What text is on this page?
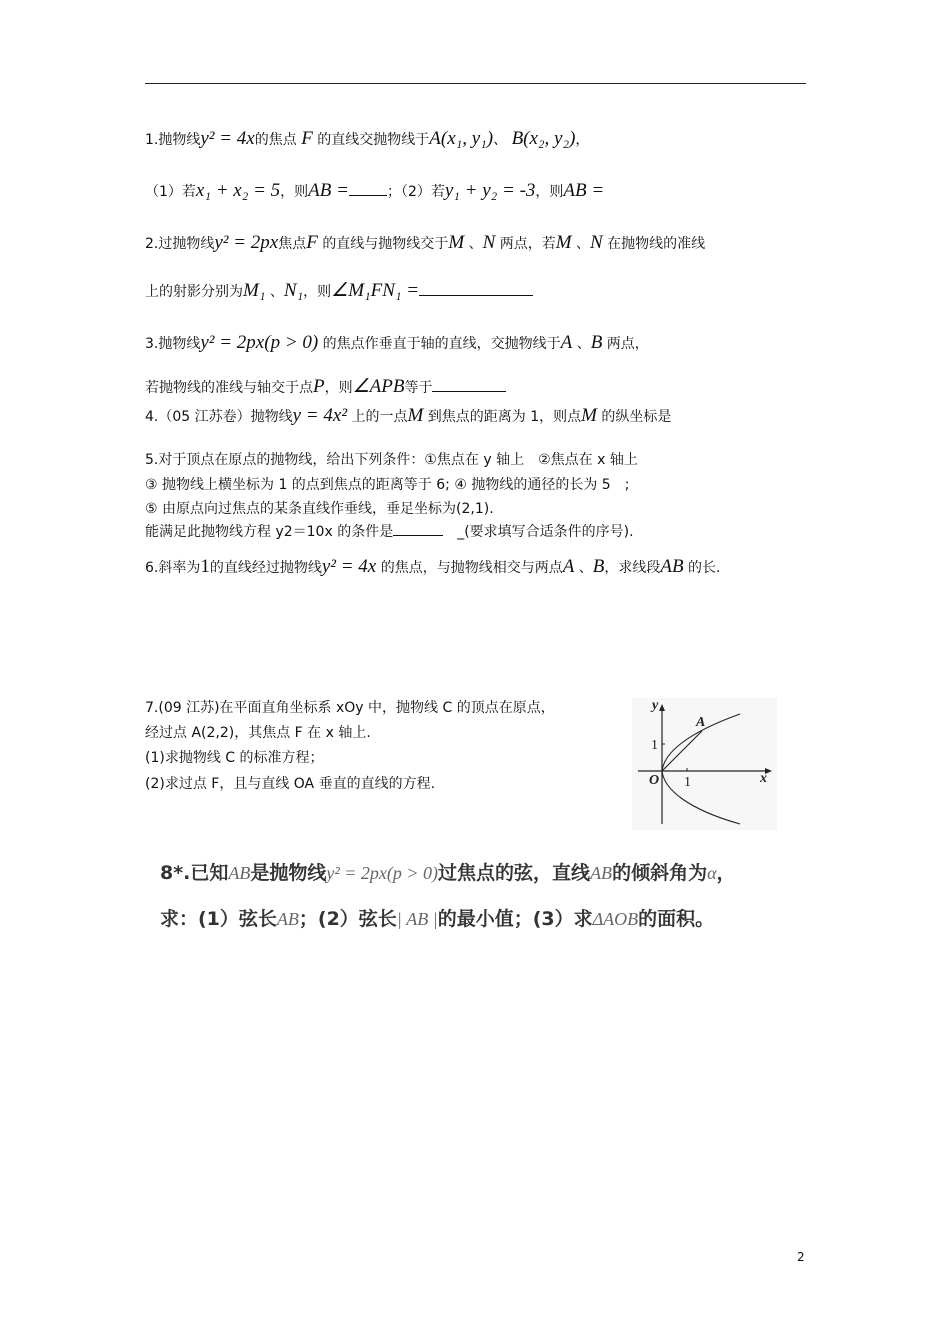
1.抛物线y² = 4x的焦点 F 的直线交抛物线于A(x₁, y₁)、 B(x₂, y₂)，
（1）若x₁ + x₂ = 5，则AB =	；（2）若y₁ + y₂ = -3，则AB =
2.过抛物线y² = 2px焦点F 的直线与抛物线交于M 、N 两点，若M 、N 在抛物线的准线
上的射影分别为M₁ 、N₁，则∠M₁FN₁ =
3.抛物线y² = 2px(p > 0) 的焦点作垂直于轴的直线，交抛物线于A 、B 两点，
若抛物线的准线与轴交于点P，则∠APB等于
4.（05 江苏卷）抛物线y = 4x² 上的一点M 到焦点的距离为 1，则点M 的纵坐标是
5.对于顶点在原点的抛物线，给出下列条件：①焦点在 y 轴上　②焦点在 x 轴上
③ 抛物线上横坐标为 1 的点到焦点的距离等于 6; ④ 抛物线的通径的长为 5　;
⑤ 由原点向过焦点的某条直线作垂线，垂足坐标为(2,1).
能满足此抛物线方程 y2＝10x 的条件是　	_(要求填写合适条件的序号).
6.斜率为1的直线经过抛物线y² = 4x 的焦点，与抛物线相交与两点A 、B，求线段AB 的长.
7.(09 江苏)在平面直角坐标系 xOy 中，抛物线 C 的顶点在原点，
经过点 A(2,2)，其焦点 F 在 x 轴上.
(1)求抛物线 C 的标准方程；
(2)求过点 F，且与直线 OA 垂直的直线的方程.
y
x
O
A
1
1
8*.已知AB是抛物线y² = 2px(p > 0)过焦点的弦，直线AB的倾斜角为α，
求：(1）弦长AB；(2）弦长| AB |的最小值；(3）求ΔAOB的面积。
2
